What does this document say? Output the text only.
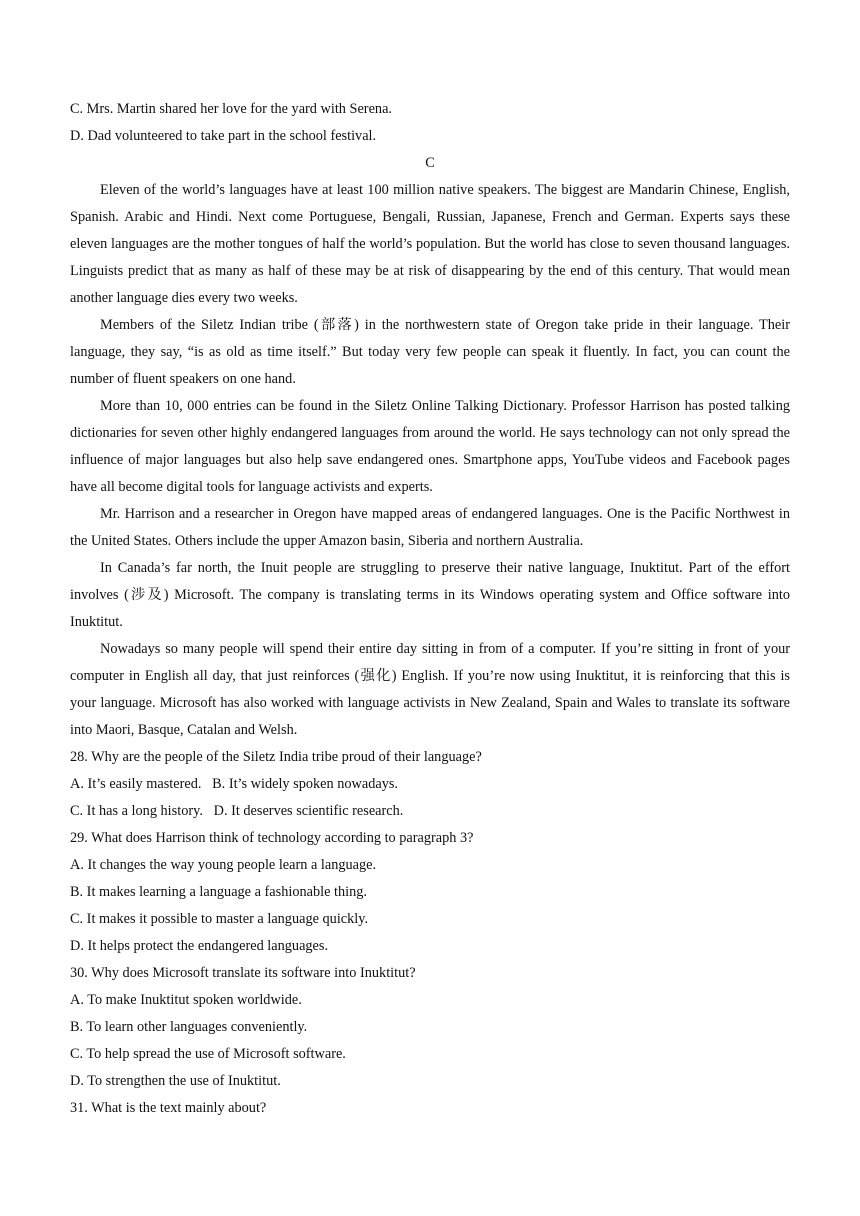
C. Mrs. Martin shared her love for the yard with Serena.
D. Dad volunteered to take part in the school festival.
C
Eleven of the world’s languages have at least 100 million native speakers. The biggest are Mandarin Chinese, English, Spanish. Arabic and Hindi. Next come Portuguese, Bengali, Russian, Japanese, French and German. Experts says these eleven languages are the mother tongues of half the world’s population. But the world has close to seven thousand languages. Linguists predict that as many as half of these may be at risk of disappearing by the end of this century. That would mean another language dies every two weeks.
Members of the Siletz Indian tribe (部落) in the northwestern state of Oregon take pride in their language. Their language, they say, “is as old as time itself.” But today very few people can speak it fluently. In fact, you can count the number of fluent speakers on one hand.
More than 10, 000 entries can be found in the Siletz Online Talking Dictionary. Professor Harrison has posted talking dictionaries for seven other highly endangered languages from around the world. He says technology can not only spread the influence of major languages but also help save endangered ones. Smartphone apps, YouTube videos and Facebook pages have all become digital tools for language activists and experts.
Mr. Harrison and a researcher in Oregon have mapped areas of endangered languages. One is the Pacific Northwest in the United States. Others include the upper Amazon basin, Siberia and northern Australia.
In Canada’s far north, the Inuit people are struggling to preserve their native language, Inuktitut. Part of the effort involves (涉及) Microsoft. The company is translating terms in its Windows operating system and Office software into Inuktitut.
Nowadays so many people will spend their entire day sitting in from of a computer. If you’re sitting in front of your computer in English all day, that just reinforces (强化) English. If you’re now using Inuktitut, it is reinforcing that this is your language. Microsoft has also worked with language activists in New Zealand, Spain and Wales to translate its software into Maori, Basque, Catalan and Welsh.
28. Why are the people of the Siletz India tribe proud of their language?
A. It’s easily mastered.   B. It’s widely spoken nowadays.
C. It has a long history.   D. It deserves scientific research.
29. What does Harrison think of technology according to paragraph 3?
A. It changes the way young people learn a language.
B. It makes learning a language a fashionable thing.
C. It makes it possible to master a language quickly.
D. It helps protect the endangered languages.
30. Why does Microsoft translate its software into Inuktitut?
A. To make Inuktitut spoken worldwide.
B. To learn other languages conveniently.
C. To help spread the use of Microsoft software.
D. To strengthen the use of Inuktitut.
31. What is the text mainly about?
